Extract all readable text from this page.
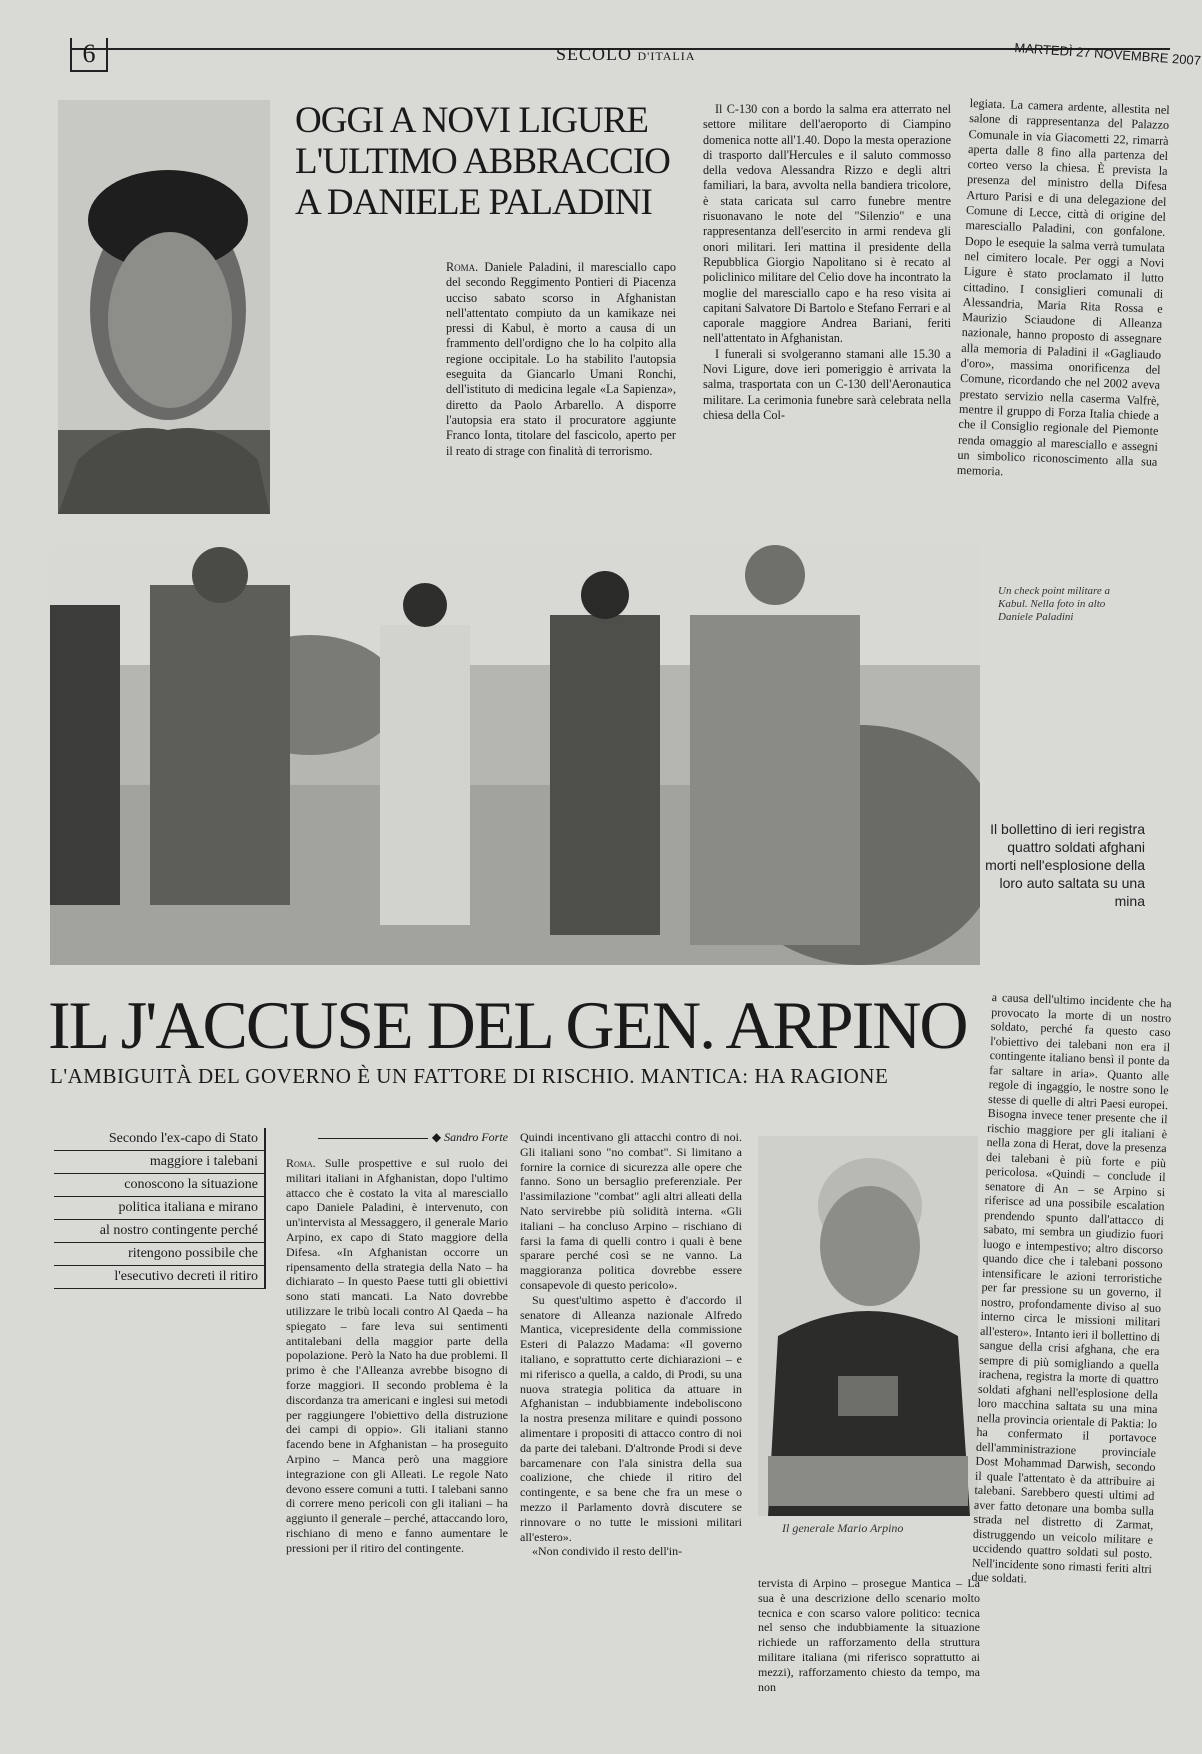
6	SECOLO D'ITALIA	MARTEDÌ 27 NOVEMBRE 2007
OGGI A NOVI LIGURE
L'ULTIMO ABBRACCIO
A DANIELE PALADINI
Roma. Daniele Paladini, il maresciallo capo del secondo Reggimento Pontieri di Piacenza ucciso sabato scorso in Afghanistan nell'attentato compiuto da un kamikaze nei pressi di Kabul, è morto a causa di un frammento dell'ordigno che lo ha colpito alla regione occipitale. Lo ha stabilito l'autopsia eseguita da Giancarlo Umani Ronchi, dell'istituto di medicina legale «La Sapienza», diretto da Paolo Arbarello. A disporre l'autopsia era stato il procuratore aggiunte Franco Ionta, titolare del fascicolo, aperto per il reato di strage con finalità di terrorismo.
Il C-130 con a bordo la salma era atterrato nel settore militare dell'aeroporto di Ciampino domenica notte all'1.40. Dopo la mesta operazione di trasporto dall'Hercules e il saluto commosso della vedova Alessandra Rizzo e degli altri familiari, la bara, avvolta nella bandiera tricolore, è stata caricata sul carro funebre mentre risuonavano le note del "Silenzio" e una rappresentanza dell'esercito in armi rendeva gli onori militari. Ieri mattina il presidente della Repubblica Giorgio Napolitano si è recato al policlinico militare del Celio dove ha incontrato la moglie del maresciallo capo e ha reso visita ai capitani Salvatore Di Bartolo e Stefano Ferrari e al caporale maggiore Andrea Bariani, feriti nell'attentato in Afghanistan.
I funerali si svolgeranno stamani alle 15.30 a Novi Ligure, dove ieri pomeriggio è arrivata la salma, trasportata con un C-130 dell'Aeronautica militare. La cerimonia funebre sarà celebrata nella chiesa della Col-
legiata. La camera ardente, allestita nel salone di rappresentanza del Palazzo Comunale in via Giacometti 22, rimarrà aperta dalle 8 fino alla partenza del corteo verso la chiesa. È prevista la presenza del ministro della Difesa Arturo Parisi e di una delegazione del Comune di Lecce, città di origine del maresciallo Paladini, con gonfalone. Dopo le esequie la salma verrà tumulata nel cimitero locale. Per oggi a Novi Ligure è stato proclamato il lutto cittadino. I consiglieri comunali di Alessandria, Maria Rita Rossa e Maurizio Sciaudone di Alleanza nazionale, hanno proposto di assegnare alla memoria di Paladini il «Gagliaudo d'oro», massima onorificenza del Comune, ricordando che nel 2002 aveva prestato servizio nella caserma Valfrè, mentre il gruppo di Forza Italia chiede a che il Consiglio regionale del Piemonte renda omaggio al maresciallo e assegni un simbolico riconoscimento alla sua memoria.
Un check point militare a Kabul. Nella foto in alto Daniele Paladini
Il bollettino di ieri registra quattro soldati afghani morti nell'esplosione della loro auto saltata su una mina
IL J'ACCUSE DEL GEN. ARPINO
L'AMBIGUITÀ DEL GOVERNO È UN FATTORE DI RISCHIO. MANTICA: HA RAGIONE
Secondo l'ex-capo di Stato
maggiore i talebani
conoscono la situazione
politica italiana e mirano
al nostro contingente perché
ritengono possibile che
l'esecutivo decreti il ritiro
◆ Sandro Forte
Roma. Sulle prospettive e sul ruolo dei militari italiani in Afghanistan, dopo l'ultimo attacco che è costato la vita al maresciallo capo Daniele Paladini, è intervenuto, con un'intervista al Messaggero, il generale Mario Arpino, ex capo di Stato maggiore della Difesa. «In Afghanistan occorre un ripensamento della strategia della Nato – ha dichiarato – In questo Paese tutti gli obiettivi sono stati mancati. La Nato dovrebbe utilizzare le tribù locali contro Al Qaeda – ha spiegato – fare leva sui sentimenti antitalebani della maggior parte della popolazione. Però la Nato ha due problemi. Il primo è che l'Alleanza avrebbe bisogno di forze maggiori. Il secondo problema è la discordanza tra americani e inglesi sui metodi per raggiungere l'obiettivo della distruzione dei campi di oppio». Gli italiani stanno facendo bene in Afghanistan – ha proseguito Arpino – Manca però una maggiore integrazione con gli Alleati. Le regole Nato devono essere comuni a tutti. I talebani sanno di correre meno pericoli con gli italiani – ha aggiunto il generale – perché, attaccando loro, rischiano di meno e fanno aumentare le pressioni per il ritiro del contingente.
Quindi incentivano gli attacchi contro di noi. Gli italiani sono "no combat". Si limitano a fornire la cornice di sicurezza alle opere che fanno. Sono un bersaglio preferenziale. Per l'assimilazione "combat" agli altri alleati della Nato servirebbe più solidità interna. «Gli italiani – ha concluso Arpino – rischiano di farsi la fama di quelli contro i quali è bene sparare perché così se ne vanno. La maggioranza politica dovrebbe essere consapevole di questo pericolo».
Su quest'ultimo aspetto è d'accordo il senatore di Alleanza nazionale Alfredo Mantica, vicepresidente della commissione Esteri di Palazzo Madama: «Il governo italiano, e soprattutto certe dichiarazioni – e mi riferisco a quella, a caldo, di Prodi, su una nuova strategia politica da attuare in Afghanistan – indubbiamente indeboliscono la nostra presenza militare e quindi possono alimentare i propositi di attacco contro di noi da parte dei talebani. D'altronde Prodi si deve barcamenare con l'ala sinistra della sua coalizione, che chiede il ritiro del contingente, e sa bene che fra un mese o mezzo il Parlamento dovrà discutere se rinnovare o no tutte le missioni militari all'estero».
«Non condivido il resto dell'in-
Il generale Mario Arpino
tervista di Arpino – prosegue Mantica – La sua è una descrizione dello scenario molto tecnica e con scarso valore politico: tecnica nel senso che indubbiamente la situazione richiede un rafforzamento della struttura militare italiana (mi riferisco soprattutto ai mezzi), rafforzamento chiesto da tempo, ma non
a causa dell'ultimo incidente che ha provocato la morte di un nostro soldato, perché fa questo caso l'obiettivo dei talebani non era il contingente italiano bensì il ponte da far saltare in aria». Quanto alle regole di ingaggio, le nostre sono le stesse di quelle di altri Paesi europei. Bisogna invece tener presente che il rischio maggiore per gli italiani è nella zona di Herat, dove la presenza dei talebani è più forte e più pericolosa. «Quindi – conclude il senatore di An – se Arpino si riferisce ad una possibile escalation prendendo spunto dall'attacco di sabato, mi sembra un giudizio fuori luogo e intempestivo; altro discorso quando dice che i talebani possono intensificare le azioni terroristiche per far pressione su un governo, il nostro, profondamente diviso al suo interno circa le missioni militari all'estero». Intanto ieri il bollettino di sangue della crisi afghana, che era sempre di più somigliando a quella irachena, registra la morte di quattro soldati afghani nell'esplosione della loro macchina saltata su una mina nella provincia orientale di Paktia: lo ha confermato il portavoce dell'amministrazione provinciale Dost Mohammad Darwish, secondo il quale l'attentato è da attribuire ai talebani. Sarebbero questi ultimi ad aver fatto detonare una bomba sulla strada nel distretto di Zarmat, distruggendo un veicolo militare e uccidendo quattro soldati sul posto. Nell'incidente sono rimasti feriti altri due soldati.
